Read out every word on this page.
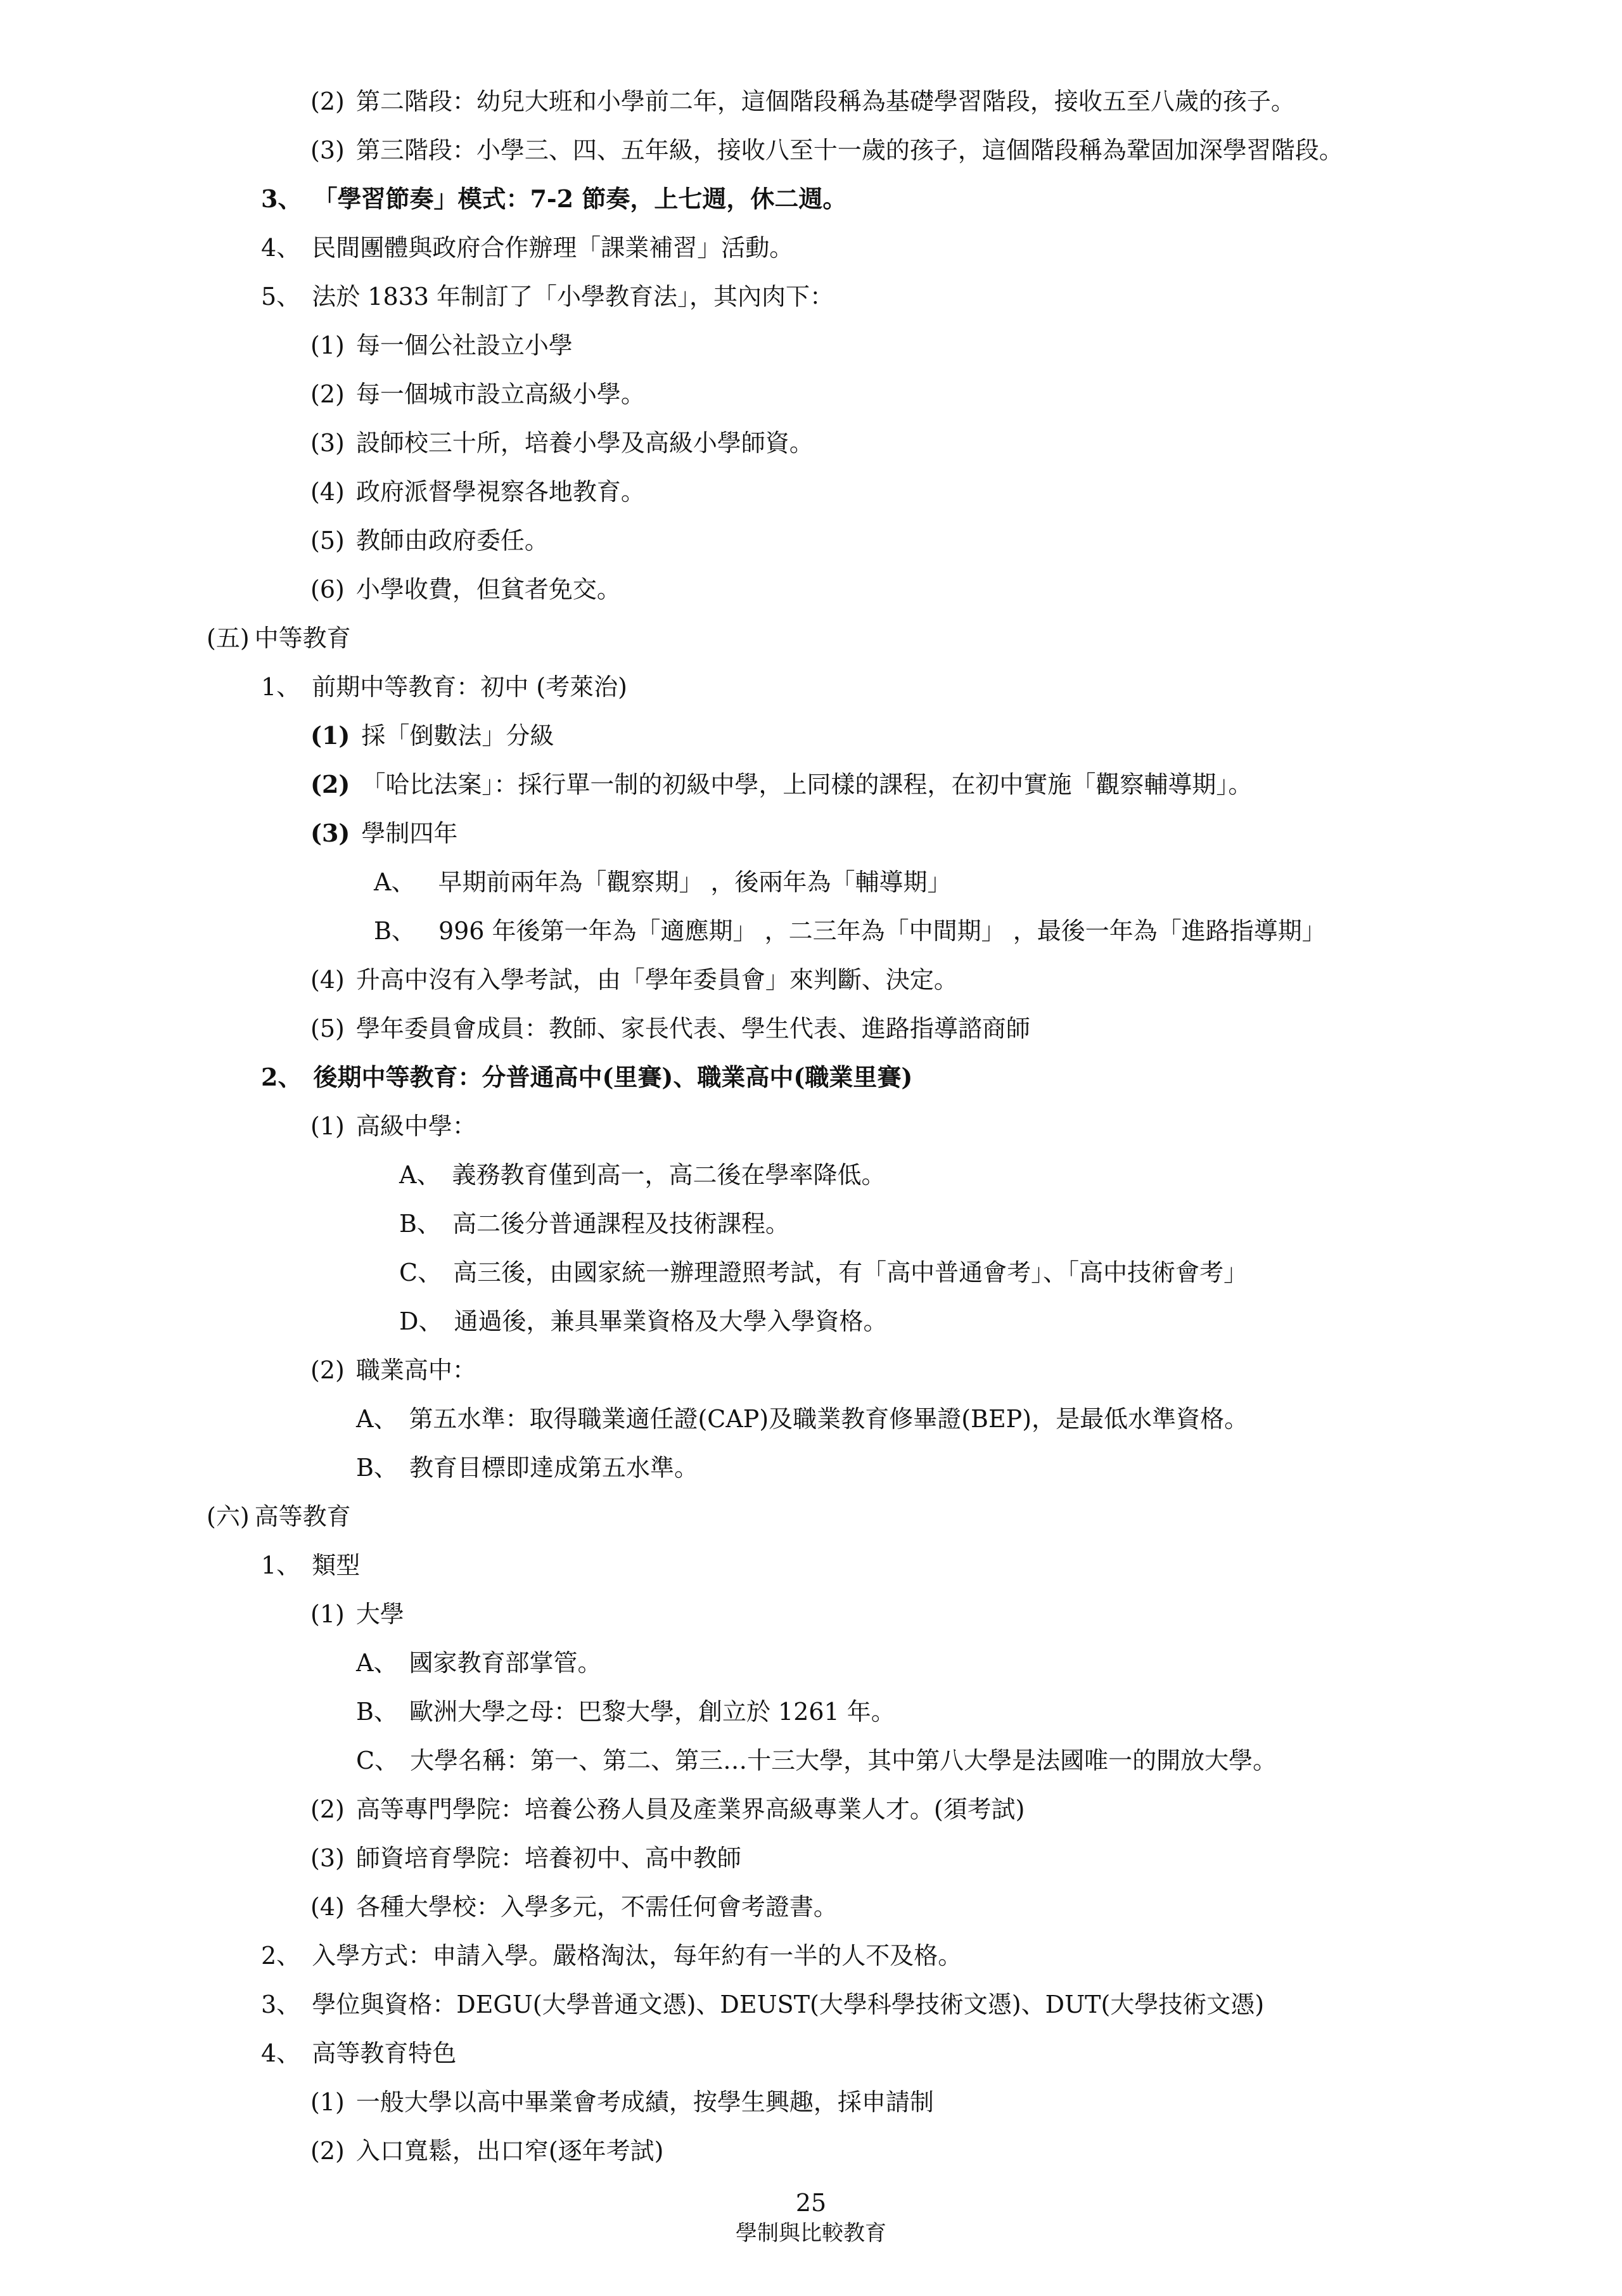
(2) 第二階段：幼兒大班和小學前二年，這個階段稱為基礎學習階段，接收五至八歲的孩子。
(3) 第三階段：小學三、四、五年級，接收八至十一歲的孩子，這個階段稱為鞏固加深學習階段。
3、 「學習節奏」模式：7-2 節奏，上七週，休二週。
4、 民間團體與政府合作辦理「課業補習」活動。
5、 法於 1833 年制訂了「小學教育法」，其內肉下：
(1) 每一個公社設立小學
(2) 每一個城市設立高級小學。
(3) 設師校三十所，培養小學及高級小學師資。
(4) 政府派督學視察各地教育。
(5) 教師由政府委任。
(6) 小學收費，但貧者免交。
(五) 中等教育
1、 前期中等教育：初中 (考萊治)
(1) 採「倒數法」分級
(2) 「哈比法案」：採行單一制的初級中學，上同樣的課程，在初中實施「觀察輔導期」。
(3) 學制四年
A、 早期前兩年為「觀察期」 ，後兩年為「輔導期」
B、 996 年後第一年為「適應期」 ，二三年為「中間期」 ，最後一年為「進路指導期」
(4) 升高中沒有入學考試，由「學年委員會」來判斷、決定。
(5) 學年委員會成員：教師、家長代表、學生代表、進路指導諮商師
2、 後期中等教育：分普通高中(里賽)、職業高中(職業里賽)
(1) 高級中學：
A、 義務教育僅到高一，高二後在學率降低。
B、 高二後分普通課程及技術課程。
C、 高三後，由國家統一辦理證照考試，有「高中普通會考」、「高中技術會考」
D、 通過後，兼具畢業資格及大學入學資格。
(2) 職業高中：
A、 第五水準：取得職業適任證(CAP)及職業教育修畢證(BEP)，是最低水準資格。
B、 教育目標即達成第五水準。
(六) 高等教育
1、 類型
(1) 大學
A、 國家教育部掌管。
B、 歐洲大學之母：巴黎大學，創立於 1261 年。
C、 大學名稱：第一、第二、第三…十三大學，其中第八大學是法國唯一的開放大學。
(2) 高等專門學院：培養公務人員及產業界高級專業人才。(須考試)
(3) 師資培育學院：培養初中、高中教師
(4) 各種大學校：入學多元，不需任何會考證書。
2、 入學方式：申請入學。嚴格淘汰，每年約有一半的人不及格。
3、 學位與資格：DEGU(大學普通文憑)、DEUST(大學科學技術文憑)、DUT(大學技術文憑)
4、 高等教育特色
(1) 一般大學以高中畢業會考成績，按學生興趣，採申請制
(2) 入口寬鬆，出口窄(逐年考試)
25
學制與比較教育
